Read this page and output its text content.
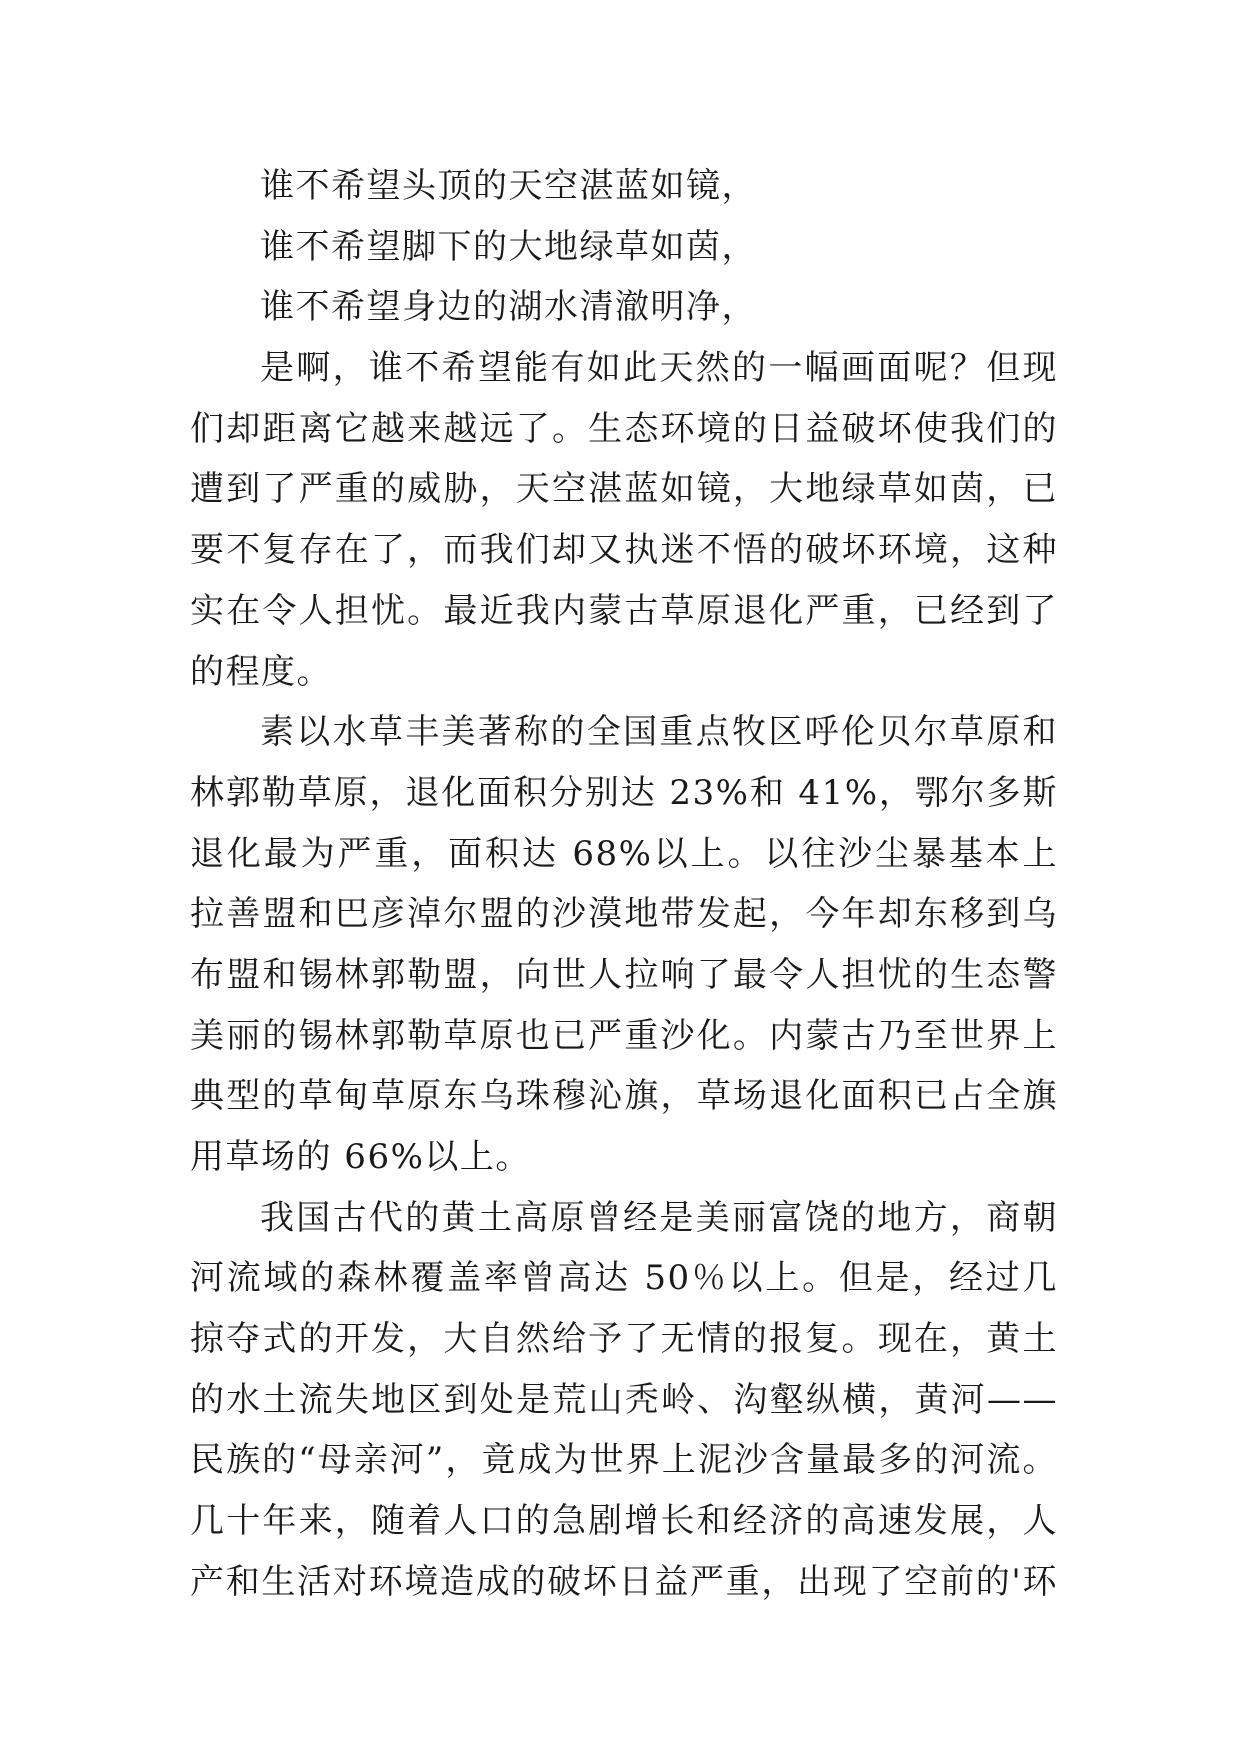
谁不希望头顶的天空湛蓝如镜，
谁不希望脚下的大地绿草如茵，
谁不希望身边的湖水清澈明净，
是啊，谁不希望能有如此天然的一幅画面呢？但现
们却距离它越来越远了。生态环境的日益破坏使我们的
遭到了严重的威胁，天空湛蓝如镜，大地绿草如茵，已
要不复存在了，而我们却又执迷不悟的破坏环境，这种
实在令人担忧。最近我内蒙古草原退化严重，已经到了
的程度。
素以水草丰美著称的全国重点牧区呼伦贝尔草原和
林郭勒草原，退化面积分别达 23%和 41%，鄂尔多斯
退化最为严重，面积达 68%以上。以往沙尘暴基本上
拉善盟和巴彦淖尔盟的沙漠地带发起，今年却东移到乌
布盟和锡林郭勒盟，向世人拉响了最令人担忧的生态警
美丽的锡林郭勒草原也已严重沙化。内蒙古乃至世界上
典型的草甸草原东乌珠穆沁旗，草场退化面积已占全旗
用草场的 66%以上。
我国古代的黄土高原曾经是美丽富饶的地方，商朝
河流域的森林覆盖率曾高达 50％以上。但是，经过几
掠夺式的开发，大自然给予了无情的报复。现在，黄土
的水土流失地区到处是荒山秃岭、沟壑纵横，黄河——
民族的“母亲河”，竟成为世界上泥沙含量最多的河流。
几十年来，随着人口的急剧增长和经济的高速发展，人
产和生活对环境造成的破坏日益严重，出现了空前的'环
